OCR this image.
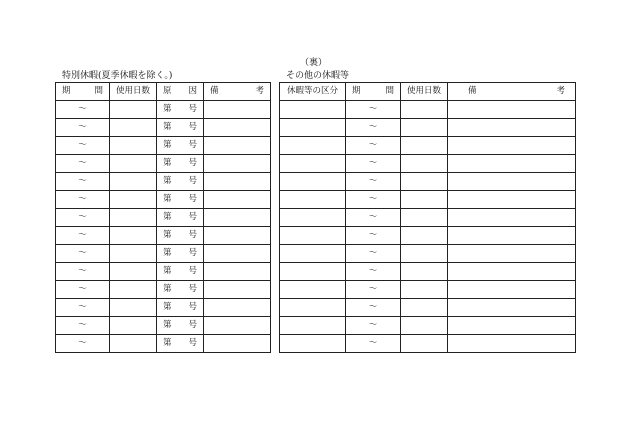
（裏）
特別休暇(夏季休暇を除く。)	その他の休暇等
期 間	使用日数	原 因	備 考

〜		第 号	

〜		第 号	

〜		第 号	

〜		第 号	

〜		第 号	

〜		第 号	

〜		第 号	

〜		第 号	

〜		第 号	

〜		第 号	

〜		第 号	

〜		第 号	

〜		第 号	

〜		第 号	

休暇等の区分	期 間	使用日数	備 考

	〜		
	〜		
	〜		
	〜		
	〜		
	〜		
	〜		
	〜		
	〜		
	〜		
	〜		
	〜		
	〜		
	〜		
